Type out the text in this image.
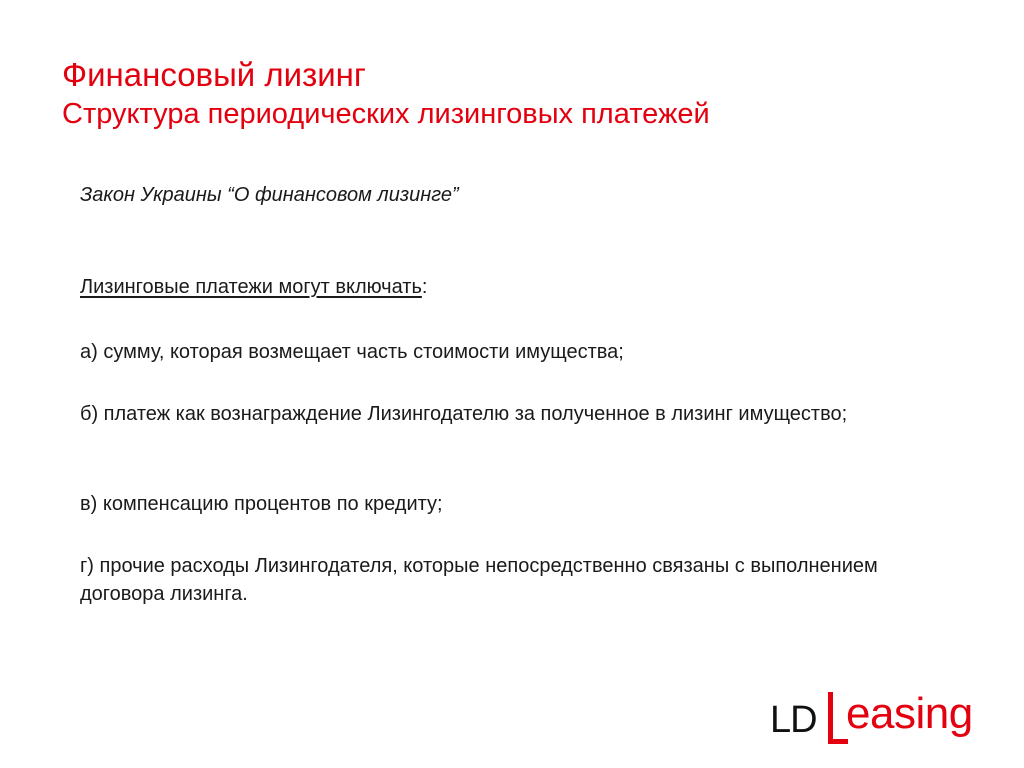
Финансовый лизинг
Структура периодических лизинговых платежей
Закон Украины “О финансовом лизинге”
Лизинговые платежи могут включать:
а) сумму, которая возмещает часть стоимости имущества;
б) платеж как вознаграждение Лизингодателю за полученное в лизинг имущество;
в) компенсацию процентов по кредиту;
г) прочие расходы Лизингодателя, которые непосредственно связаны с выполнением договора лизинга.
LD easing
